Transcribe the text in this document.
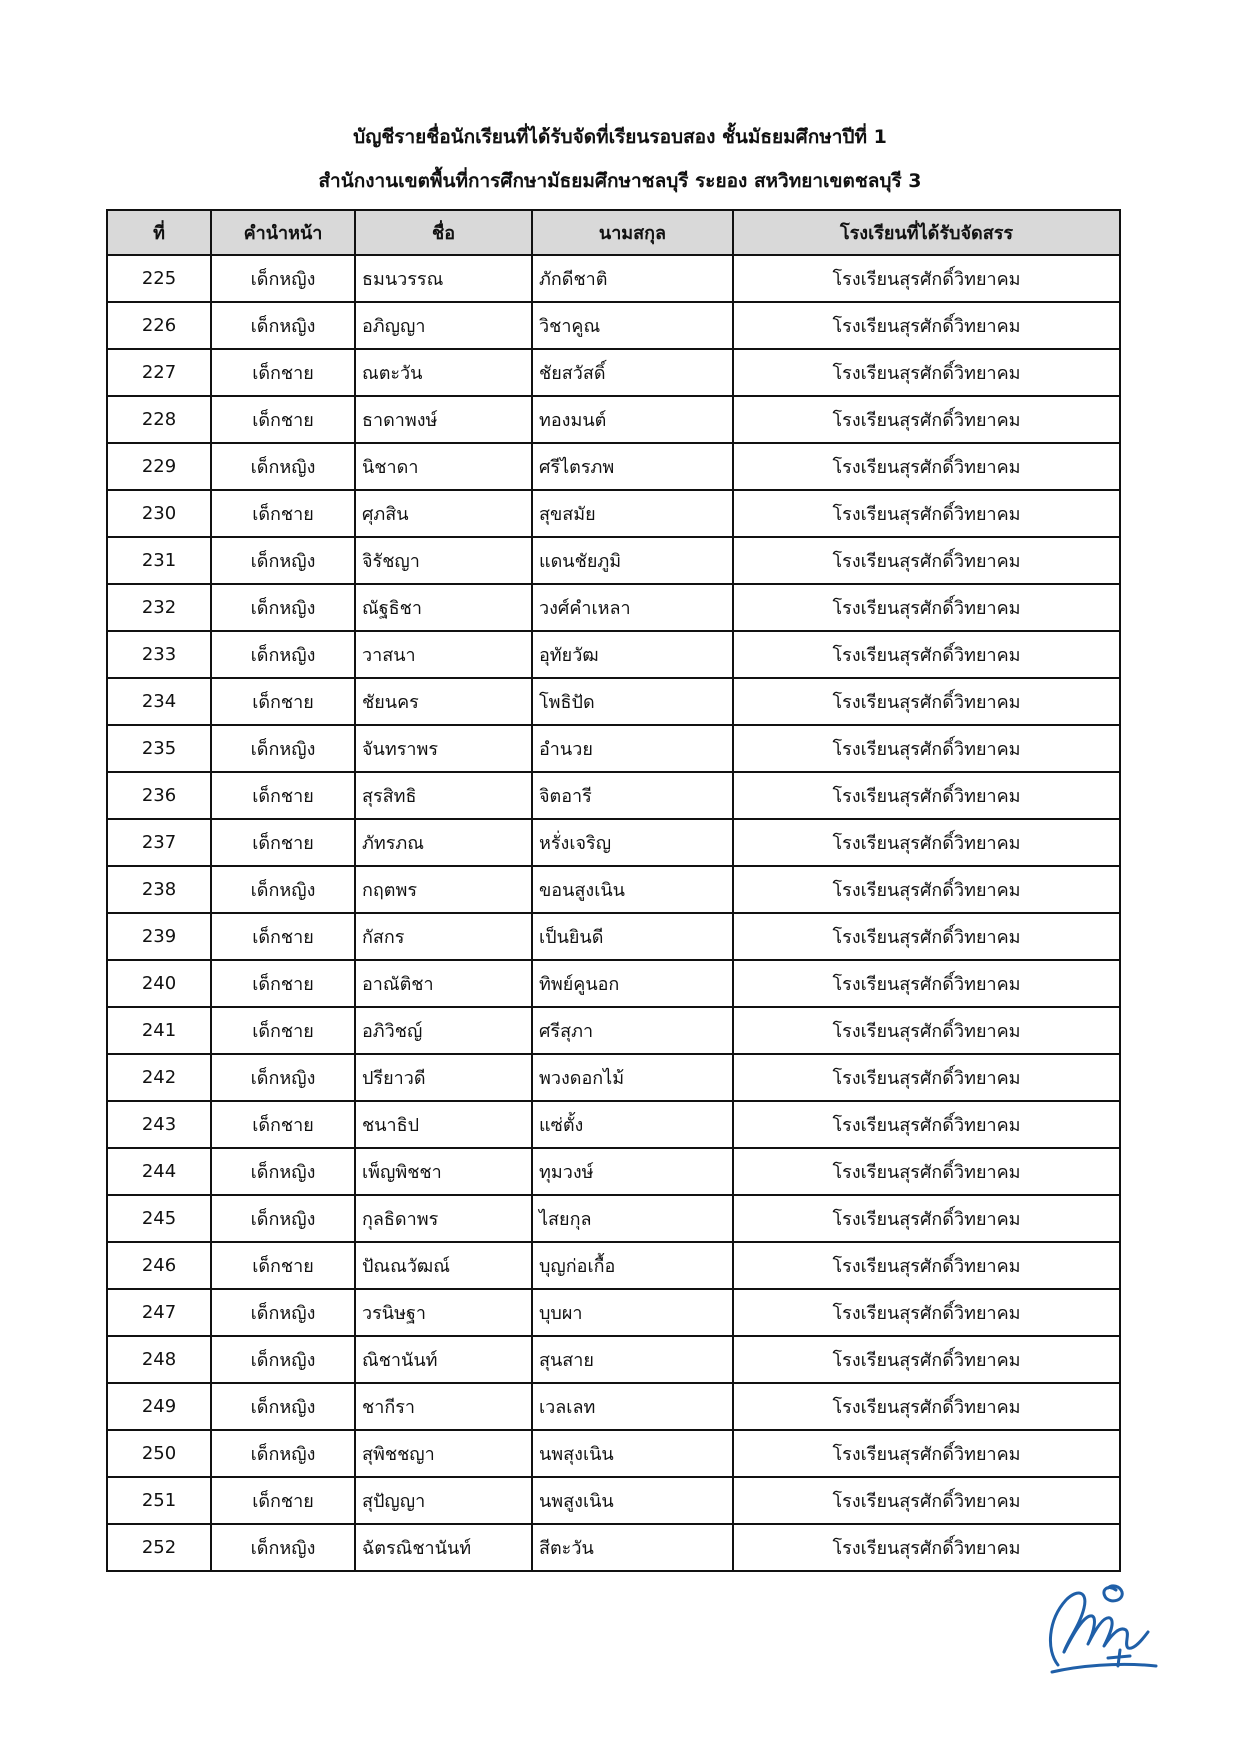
บัญชีรายชื่อนักเรียนที่ได้รับจัดที่เรียนรอบสอง ชั้นมัธยมศึกษาปีที่ 1
สำนักงานเขตพื้นที่การศึกษามัธยมศึกษาชลบุรี ระยอง สหวิทยาเขตชลบุรี 3
ที่	คำนำหน้า	ชื่อ	นามสกุล	โรงเรียนที่ได้รับจัดสรร
225	เด็กหญิง	ธมนวรรณ	ภักดีชาติ	โรงเรียนสุรศักดิ์วิทยาคม
226	เด็กหญิง	อภิญญา	วิชาคูณ	โรงเรียนสุรศักดิ์วิทยาคม
227	เด็กชาย	ณตะวัน	ชัยสวัสดิ์	โรงเรียนสุรศักดิ์วิทยาคม
228	เด็กชาย	ธาดาพงษ์	ทองมนต์	โรงเรียนสุรศักดิ์วิทยาคม
229	เด็กหญิง	นิชาดา	ศรีไตรภพ	โรงเรียนสุรศักดิ์วิทยาคม
230	เด็กชาย	ศุภสิน	สุขสมัย	โรงเรียนสุรศักดิ์วิทยาคม
231	เด็กหญิง	จิรัชญา	แดนชัยภูมิ	โรงเรียนสุรศักดิ์วิทยาคม
232	เด็กหญิง	ณัฐธิชา	วงศ์คำเหลา	โรงเรียนสุรศักดิ์วิทยาคม
233	เด็กหญิง	วาสนา	อุทัยวัฒ	โรงเรียนสุรศักดิ์วิทยาคม
234	เด็กชาย	ชัยนคร	โพธิปัด	โรงเรียนสุรศักดิ์วิทยาคม
235	เด็กหญิง	จันทราพร	อำนวย	โรงเรียนสุรศักดิ์วิทยาคม
236	เด็กชาย	สุรสิทธิ	จิตอารี	โรงเรียนสุรศักดิ์วิทยาคม
237	เด็กชาย	ภัทรภณ	หรั่งเจริญ	โรงเรียนสุรศักดิ์วิทยาคม
238	เด็กหญิง	กฤตพร	ขอนสูงเนิน	โรงเรียนสุรศักดิ์วิทยาคม
239	เด็กชาย	กัสกร	เป็นยินดี	โรงเรียนสุรศักดิ์วิทยาคม
240	เด็กชาย	อาณัติชา	ทิพย์คูนอก	โรงเรียนสุรศักดิ์วิทยาคม
241	เด็กชาย	อภิวิชญ์	ศรีสุภา	โรงเรียนสุรศักดิ์วิทยาคม
242	เด็กหญิง	ปรียาวดี	พวงดอกไม้	โรงเรียนสุรศักดิ์วิทยาคม
243	เด็กชาย	ชนาธิป	แซ่ตั้ง	โรงเรียนสุรศักดิ์วิทยาคม
244	เด็กหญิง	เพ็ญพิชชา	ทุมวงษ์	โรงเรียนสุรศักดิ์วิทยาคม
245	เด็กหญิง	กุลธิดาพร	ไสยกุล	โรงเรียนสุรศักดิ์วิทยาคม
246	เด็กชาย	ปัณณวัฒณ์	บุญก่อเกื้อ	โรงเรียนสุรศักดิ์วิทยาคม
247	เด็กหญิง	วรนิษฐา	บุบผา	โรงเรียนสุรศักดิ์วิทยาคม
248	เด็กหญิง	ณิชานันท์	สุนสาย	โรงเรียนสุรศักดิ์วิทยาคม
249	เด็กหญิง	ชากีรา	เวลเลท	โรงเรียนสุรศักดิ์วิทยาคม
250	เด็กหญิง	สุพิชชญา	นพสุงเนิน	โรงเรียนสุรศักดิ์วิทยาคม
251	เด็กชาย	สุปัญญา	นพสูงเนิน	โรงเรียนสุรศักดิ์วิทยาคม
252	เด็กหญิง	ฉัตรณิชานันท์	สีตะวัน	โรงเรียนสุรศักดิ์วิทยาคม
